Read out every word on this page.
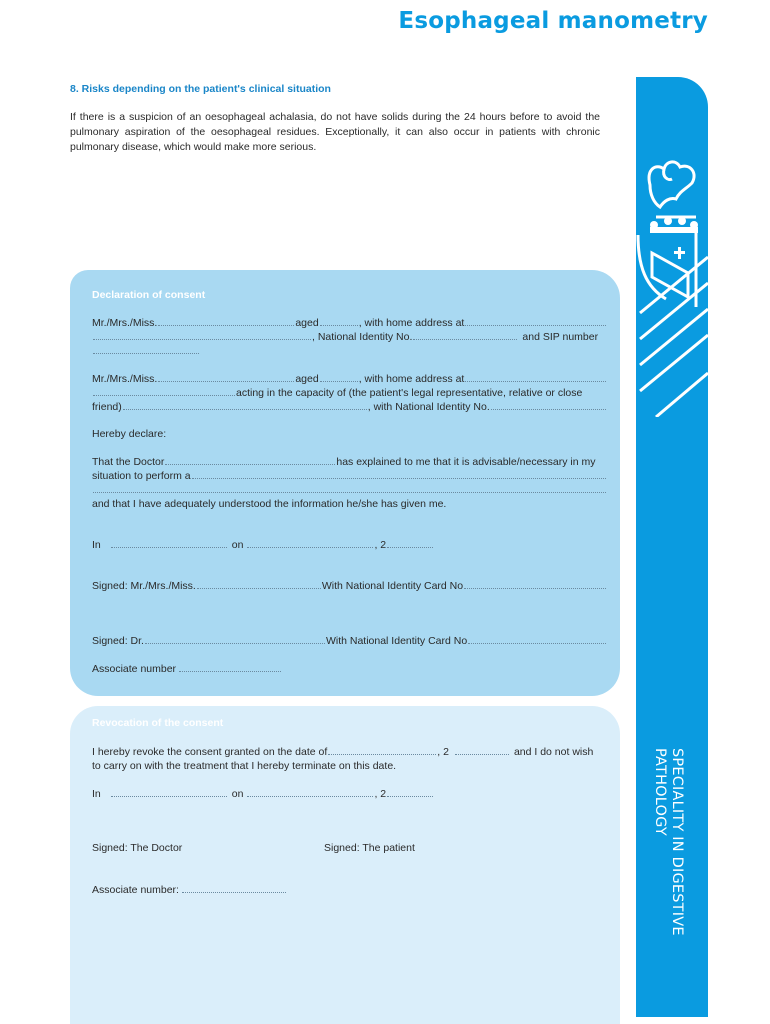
Esophageal manometry
8. Risks depending on the patient's clinical situation
If there is a suspicion of an oesophageal achalasia, do not have solids during the 24 hours before to avoid the pulmonary aspiration of the oesophageal residues. Exceptionally, it can also occur in patients with chronic pulmonary disease, which would make more serious.
SPECIALITY IN DIGESTIVE
PATHOLOGY
Declaration of consent
Mr./Mrs./Miss.	aged	, with home address at
, National Identity No.	and SIP number
Mr./Mrs./Miss.	aged	, with home address at
acting in the capacity of (the patient's legal representative, relative or close
friend)	, with National Identity No.
Hereby declare:
That the Doctor	has explained to me that it is advisable/necessary in my
situation to perform a
and that I have adequately understood the information he/she has given me.
In	on	, 2
Signed: Mr./Mrs./Miss.	With National Identity Card No
Signed: Dr.	With National Identity Card No
Associate number
Revocation of the consent
I hereby revoke the consent granted on the date of	, 2	and I do not wish
to carry on with the treatment that I hereby terminate on this date.
In	on	, 2
Signed: The Doctor	Signed: The patient
Associate number:
